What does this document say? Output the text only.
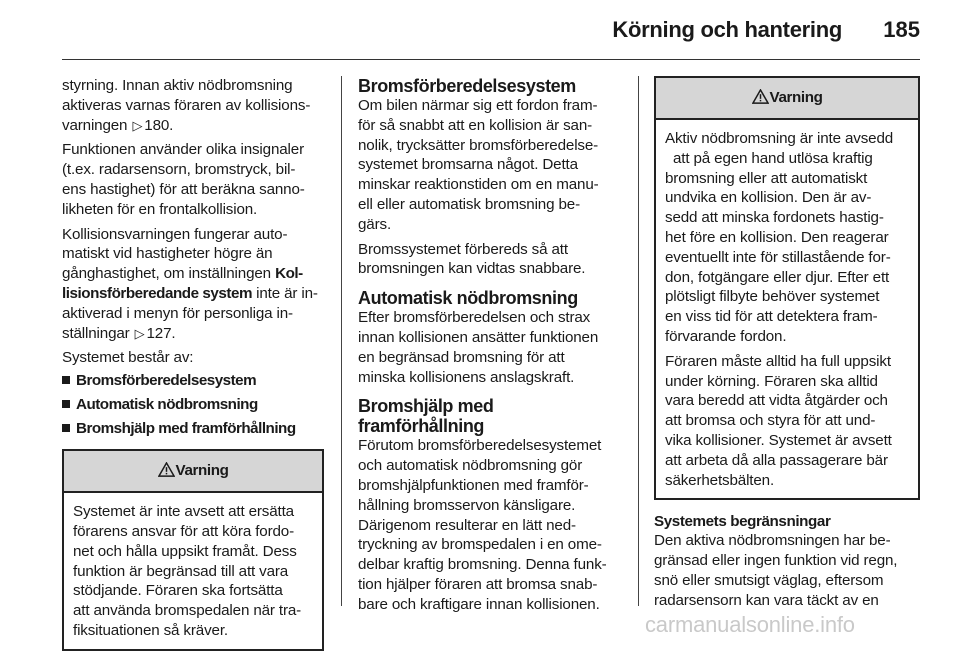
Körning och hantering 185

styrning. Innan aktiv nödbromsning
aktiveras varnas föraren av kollisions-
varningen ▷ 180.

Funktionen använder olika insignaler
(t.ex. radarsensorn, bromstryck, bil-
ens hastighet) för att beräkna sanno-
likheten för en frontalkollision.

Kollisionsvarningen fungerar auto-
matiskt vid hastigheter högre än
gånghastighet, om inställningen Kol-
lisionsförberedande system inte är in-
aktiverad i menyn för personliga in-
ställningar ▷ 127.

Systemet består av:

Bromsförberedelsesystem
Automatisk nödbromsning
Bromshjälp med framförhållning
Varning

Systemet är inte avsett att ersätta
förarens ansvar för att köra fordo-
net och hålla uppsikt framåt. Dess
funktion är begränsad till att vara
stödjande. Föraren ska fortsätta
att använda bromspedalen när tra-
fiksituationen så kräver.

Bromsförberedelsesystem

Om bilen närmar sig ett fordon fram-
för så snabbt att en kollision är san-
nolik, trycksätter bromsförberedelse-
systemet bromsarna något. Detta
minskar reaktionstiden om en manu-
ell eller automatisk bromsning be-
gärs.

Bromssystemet förbereds så att
bromsningen kan vidtas snabbare.

Automatisk nödbromsning

Efter bromsförberedelsen och strax
innan kollisionen ansätter funktionen
en begränsad bromsning för att
minska kollisionens anslagskraft.

Bromshjälp med framförhållning

Förutom bromsförberedelsesystemet
och automatisk nödbromsning gör
bromshjälpfunktionen med framför-
hållning bromsservon känsligare.
Därigenom resulterar en lätt ned-
tryckning av bromspedalen i en ome-
delbar kraftig bromsning. Denna funk-
tion hjälper föraren att bromsa snab-
bare och kraftigare innan kollisionen.

Varning

Aktiv nödbromsning är inte avsedd
att på egen hand utlösa kraftig
bromsning eller att automatiskt
undvika en kollision. Den är av-
sedd att minska fordonets hastig-
het före en kollision. Den reagerar
eventuellt inte för stillastående for-
don, fotgängare eller djur. Efter ett
plötsligt filbyte behöver systemet
en viss tid för att detektera fram-
förvarande fordon.

Föraren måste alltid ha full uppsikt
under körning. Föraren ska alltid
vara beredd att vidta åtgärder och
att bromsa och styra för att und-
vika kollisioner. Systemet är avsett
att arbeta då alla passagerare bär
säkerhetsbälten.

Systemets begränsningar

Den aktiva nödbromsningen har be-
gränsad eller ingen funktion vid regn,
snö eller smutsigt väglag, eftersom
radarsensorn kan vara täckt av en

carmanualsonline.info
